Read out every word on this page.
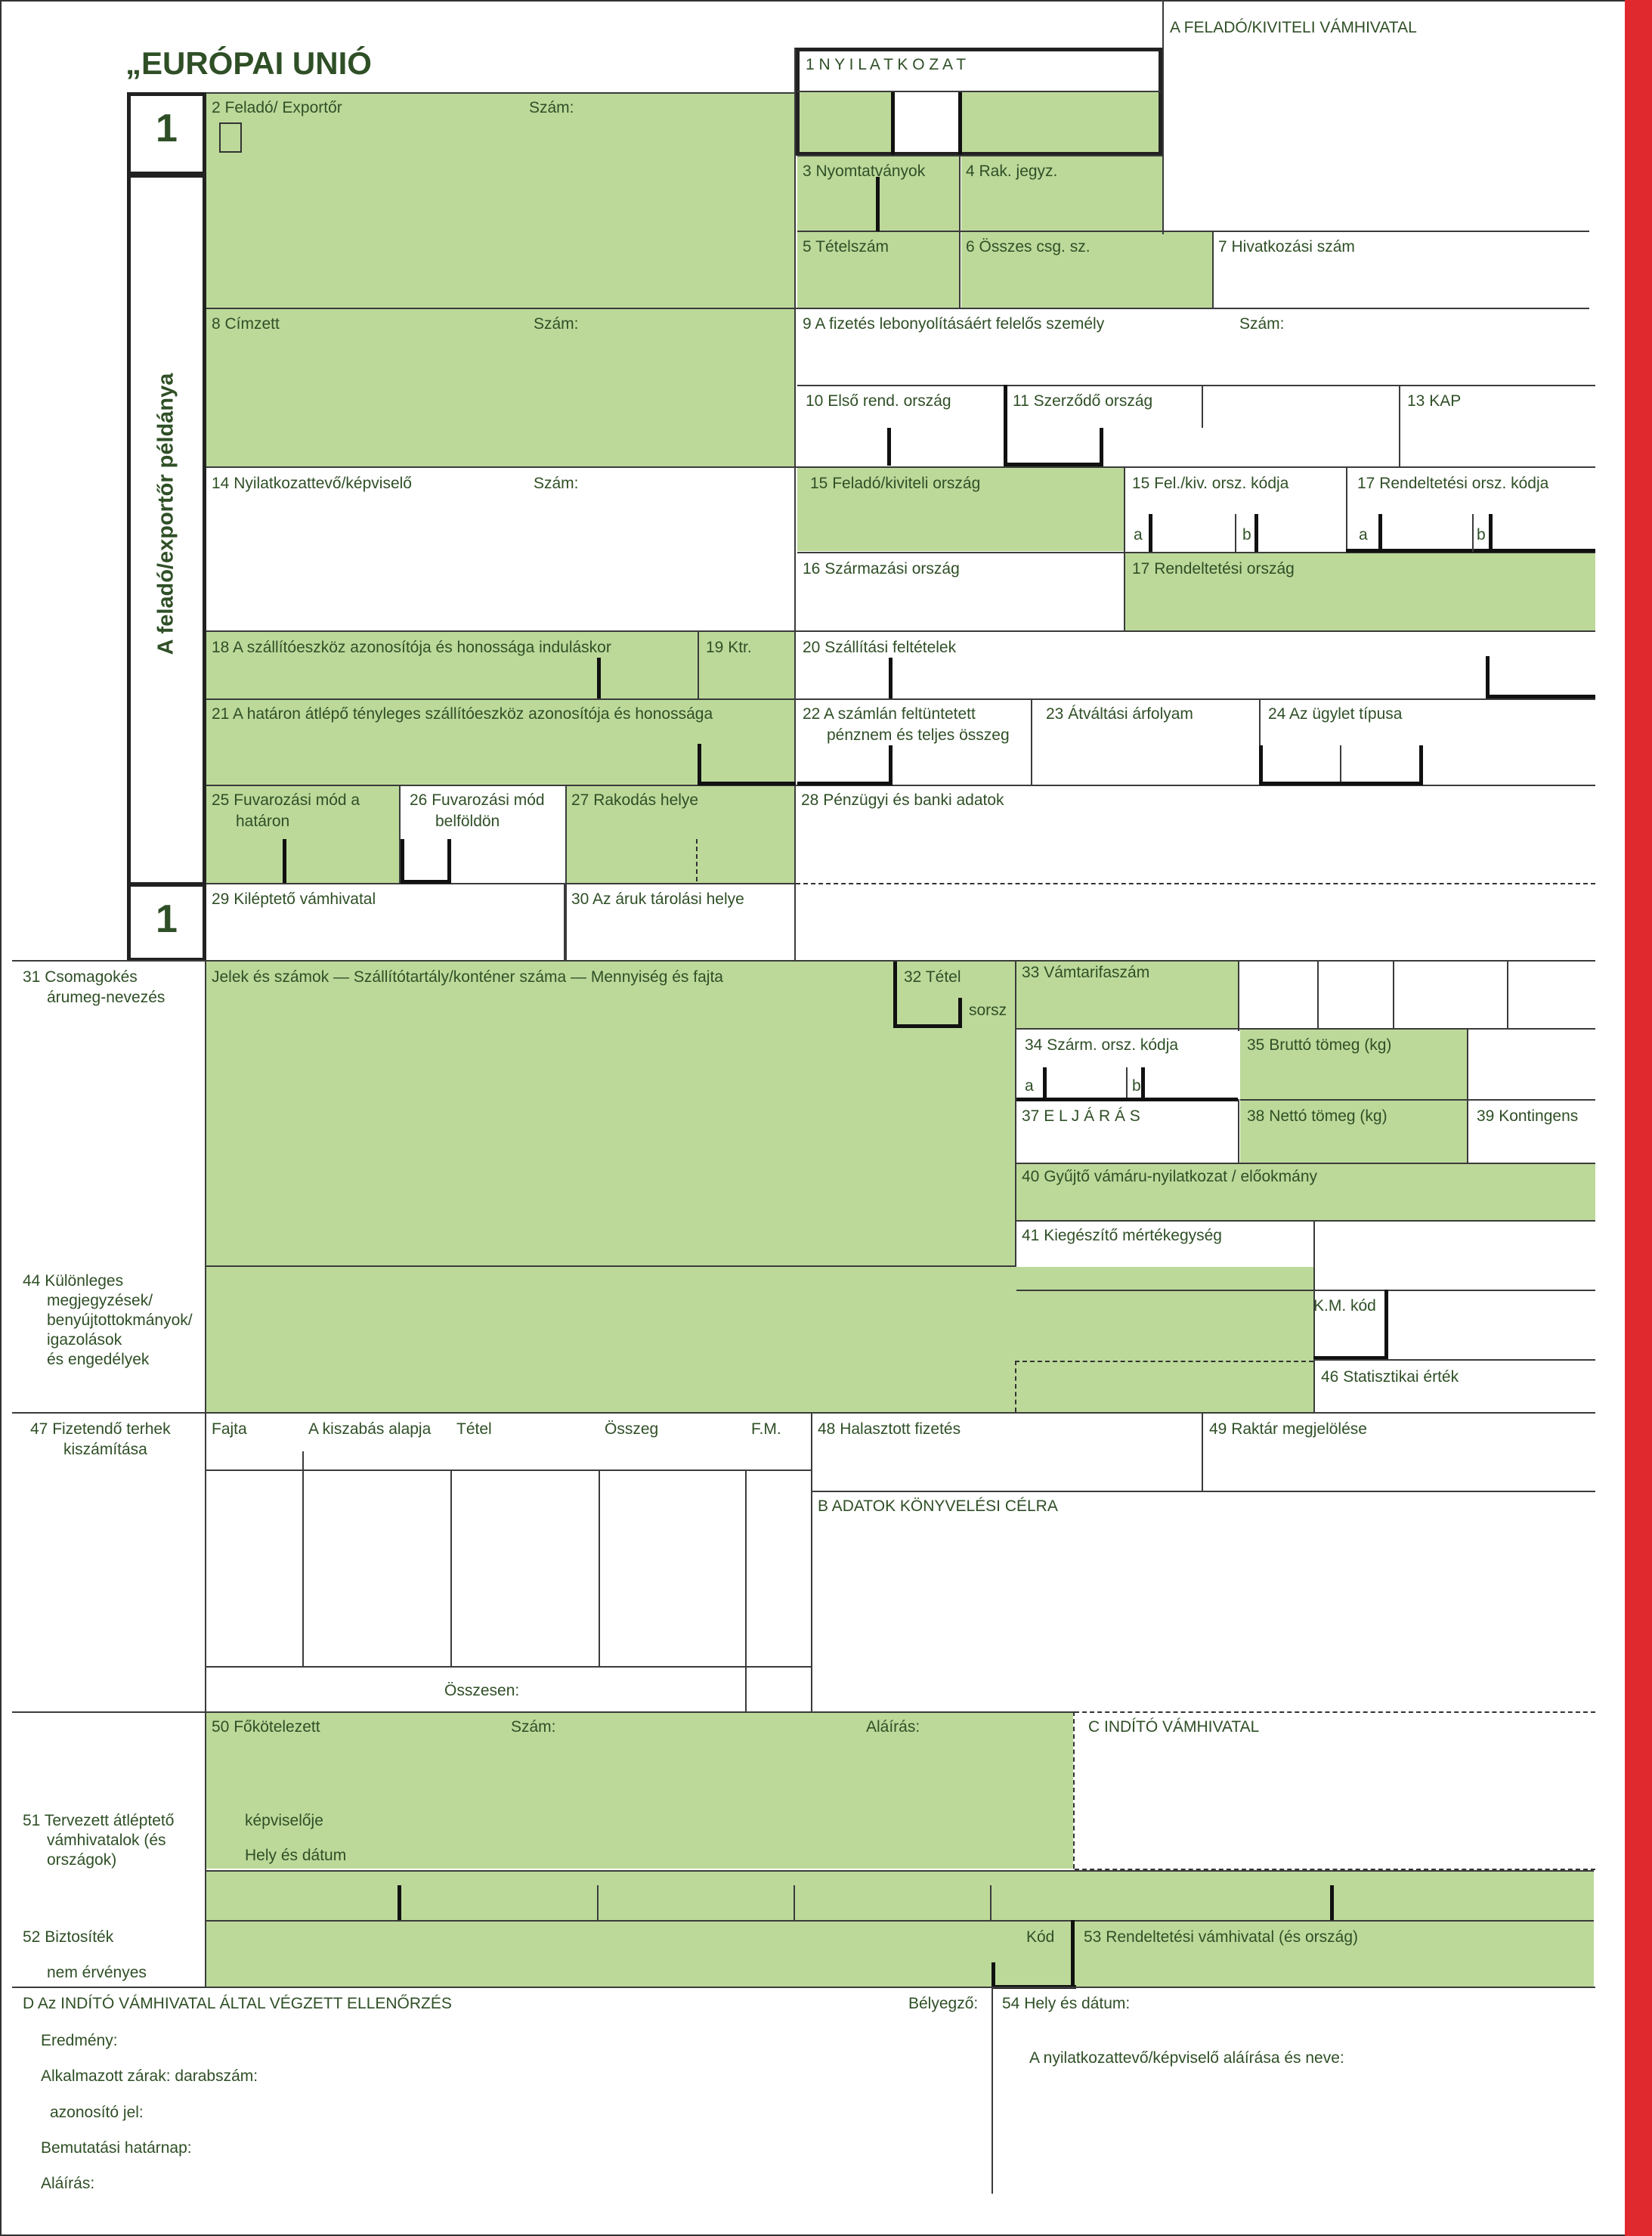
1
1
A feladó/exportőr példánya
„EURÓPAI UNIÓ
A FELADÓ/KIVITELI VÁMHIVATAL
1 N Y I L A T K O Z A T
2 Feladó/ Exportőr	Szám:
3 Nyomtatványok	4 Rak. jegyz.
5 Tételszám	6 Összes csg. sz.	7 Hivatkozási szám
8 Címzett	Szám:	9 A fizetés lebonyolításáért felelős személy	Szám:
10 Első rend. ország	11 Szerződő ország	13 KAP
14 Nyilatkozattevő/képviselő	Szám:	15 Feladó/kiviteli ország	15 Fel./kiv. orsz. kódja	17 Rendeltetési orsz. kódja
a	b	a	b
16 Származási ország	17 Rendeltetési ország
18 A szállítóeszköz azonosítója és honossága induláskor	19 Ktr.	20 Szállítási feltételek
21 A határon átlépő tényleges szállítóeszköz azonosítója és honossága	22 A számlán feltüntetett
pénznem és teljes összeg
23 Átváltási árfolyam	24 Az ügylet típusa
25 Fuvarozási mód a
határon
26 Fuvarozási mód
belföldön
27 Rakodás helye	28 Pénzügyi és banki adatok
29 Kiléptető vámhivatal	30 Az áruk tárolási helye
31 Csomagokés
árumeg-nevezés
Jelek és számok — Szállítótartály/konténer száma — Mennyiség és fajta	32 Tétel
sorsz
33 Vámtarifaszám
34 Szárm. orsz. kódja
a	b
35 Bruttó tömeg (kg)
37 E L J Á R Á S	38 Nettó tömeg (kg)	39 Kontingens
40 Gyűjtő vámáru-nyilatkozat / előokmány
41 Kiegészítő mértékegység
44 Különleges
megjegyzések/
benyújtottokmányok/
igazolások
és engedélyek
K.M. kód
46 Statisztikai érték
47 Fizetendő terhek
kiszámítása
Fajta	A kiszabás alapja Tétel	Összeg	F.M.
Összesen:
48 Halasztott fizetés	49 Raktár megjelölése
B ADATOK KÖNYVELÉSI CÉLRA
50 Főkötelezett	Szám:	Aláírás:
képviselője
Hely és dátum
C INDÍTÓ VÁMHIVATAL
51 Tervezett átléptető
vámhivatalok (és
országok)
52 Biztosíték
nem érvényes
Kód 53 Rendeltetési vámhivatal (és ország)
D Az INDÍTÓ VÁMHIVATAL ÁLTAL VÉGZETT ELLENŐRZÉS
Eredmény:
Alkalmazott zárak: darabszám:
azonosító jel:
Bemutatási határnap:
Aláírás:
Bélyegző: 54 Hely és dátum:
A nyilatkozattevő/képviselő aláírása és neve:
